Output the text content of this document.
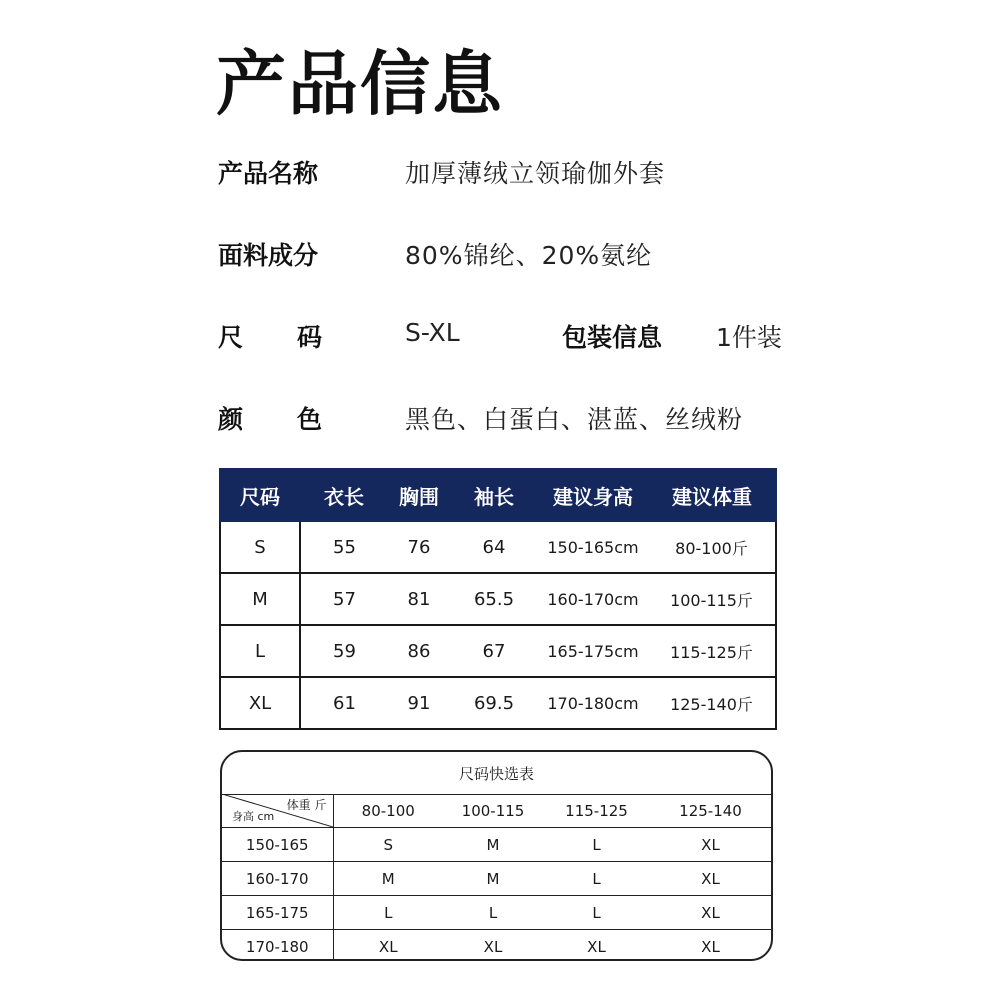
产品信息
产品名称	加厚薄绒立领瑜伽外套
面料成分	80%锦纶、20%氨纶
尺 码	S-XL	包装信息 1件装
颜 色	黑色、白蛋白、湛蓝、丝绒粉
尺码	衣长	胸围	袖长	建议身高	建议体重
S	55	76	64	150-165cm	80-100斤
M	57	81	65.5	160-170cm	100-115斤
L	59	86	67	165-175cm	115-125斤
XL	61	91	69.5	170-180cm	125-140斤
尺码快选表
体重 斤
身高 cm	80-100	100-115	115-125	125-140
150-165	S	M	L	XL
160-170	M	M	L	XL
165-175	L	L	L	XL
170-180	XL	XL	XL	XL
